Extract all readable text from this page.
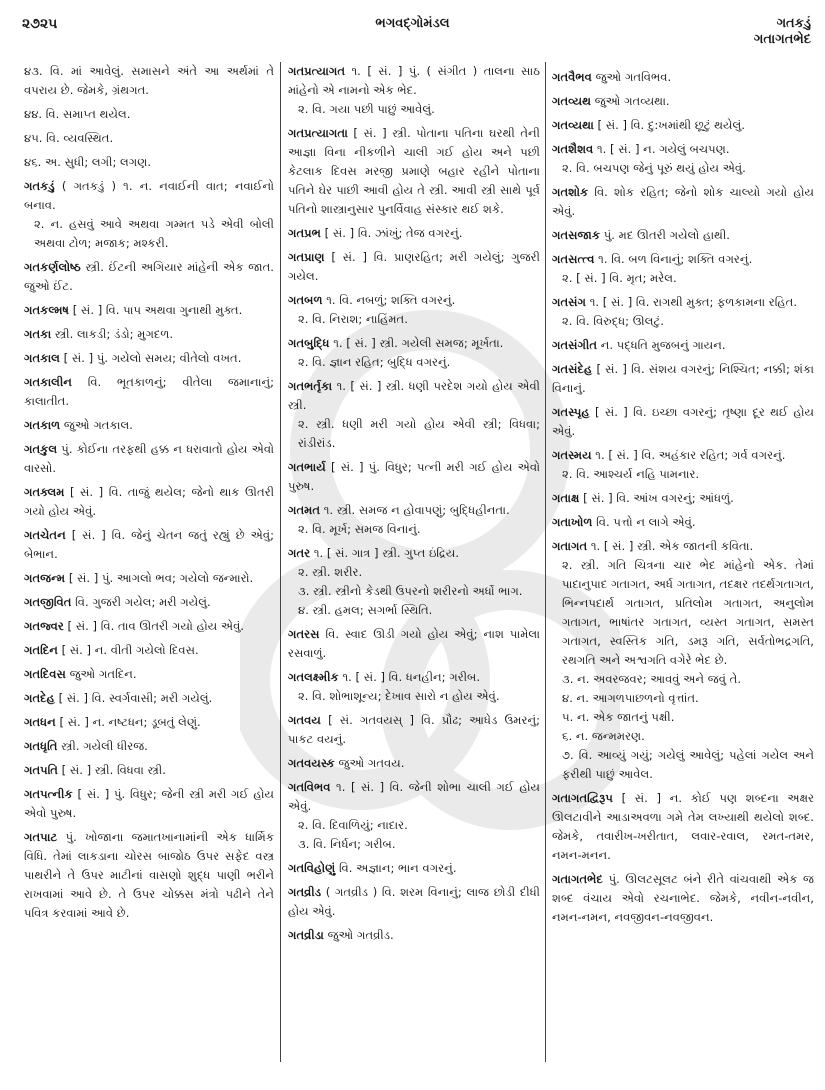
૨૭૨૫	ભગવદ્ગોમંડલ	ગતકડું
ગતાગતભેદ
૪૩. વિ. માં આવેલું. સમાસને અંતે આ અર્થમાં તે વપરાય છે. જેમકે, ગ્રંથગત.
૪૪. વિ. સમાપ્ત થયેલ.
૪૫. વિ. વ્યવસ્થિત.
૪૬. અ. સુધી; લગી; લગણ.
ગતકડું ( ગતકડું ) ૧. ન. નવાઈની વાત; નવાઈનો બનાવ.
૨. ન. હસવું આવે અથવા ગમ્મત પડે એવી બોલી અથવા ટોળ; મજાક; મશ્કરી.
ગતકર્ણલોષ્ઠ સ્ત્રી. ઈંટની અગિયાર માંહેની એક જાત. જુઓ ઈંટ.
ગતકલ્મષ [ સં. ] વિ. પાપ અથવા ગુનાથી મુક્ત.
ગતકા સ્ત્રી. લાકડી; ડંડો; મુગદળ.
ગતકાલ [ સં. ] પું. ગયેલો સમય; વીતેલો વખત.
ગતકાલીન વિ. ભૂતકાળનું; વીતેલા જમાનાનું; કાલાતીત.
ગતકાળ જુઓ ગતકાલ.
ગતકુલ પું. કોઈના તરફથી હક્ક ન ધરાવાતો હોય એવો વારસો.
ગતક્લમ [ સં. ] વિ. તાજું થયેલ; જેનો થાક ઊતરી ગયો હોય એવું.
ગતચેતન [ સં. ] વિ. જેનું ચેતન જતું રહ્યું છે એવું; બેભાન.
ગતજન્મ [ સં. ] પું. આગલો ભવ; ગયેલો જન્મારો.
ગતજીવિત વિ. ગુજરી ગયેલ; મરી ગયેલું.
ગતજ્વર [ સં. ] વિ. તાવ ઊતરી ગયો હોય એવું.
ગતદિન [ સં. ] ન. વીતી ગયેલો દિવસ.
ગતદિવસ જુઓ ગતદિન.
ગતદેહ [ સં. ] વિ. સ્વર્ગવાસી; મરી ગયેલું.
ગતધન [ સં. ] ન. નષ્ટધન; ડૂબતું લેણું.
ગતધૃતિ સ્ત્રી. ગયેલી ધીરજ.
ગતપતિ [ સં. ] સ્ત્રી. વિધવા સ્ત્રી.
ગતપત્નીક [ સં. ] પું. વિધુર; જેની સ્ત્રી મરી ગઈ હોય એવો પુરુષ.
ગતપાટ પું. ખોજાના જમાતખાનામાંની એક ધાર્મિક વિધિ. તેમાં લાકડાના ચોરસ બાજોઠ ઉપર સફેદ વસ્ત્ર પાથરીને તે ઉપર માટીનાં વાસણો શુદ્ધ પાણી ભરીને રાખવામાં આવે છે. તે ઉપર ચોક્કસ મંત્રો પઢીને તેને પવિત્ર કરવામાં આવે છે.
ગતપ્રત્યાગત ૧. [ સં. ] પું. ( સંગીત ) તાલના સાઠ માંહેનો એ નામનો એક ભેદ.
૨. વિ. ગયા પછી પાછું આવેલું.
ગતપ્રત્યાગતા [ સં. ] સ્ત્રી. પોતાના પતિના ઘરથી તેની આજ્ઞા વિના નીકળીને ચાલી ગઈ હોય અને પછી કેટલાક દિવસ મરજી પ્રમાણે બહાર રહીને પોતાના પતિને ઘેર પાછી આવી હોય તે સ્ત્રી. આવી સ્ત્રી સાથે પૂર્વ પતિનો શાસ્ત્રાનુસાર પુનર્વિવાહ સંસ્કાર થઈ શકે.
ગતપ્રભ [ સં. ] વિ. ઝાંખું; તેજ વગરનું.
ગતપ્રાણ [ સં. ] વિ. પ્રાણરહિત; મરી ગયેલું; ગુજરી ગયેલ.
ગતબળ ૧. વિ. નબળું; શક્તિ વગરનું.
૨. વિ. નિરાશ; નાહિંમત.
ગતબુદ્ધિ ૧. [ સં. ] સ્ત્રી. ગયેલી સમજ; મૂર્ખતા.
૨. વિ. જ્ઞાન રહિત; બુદ્ધિ વગરનું.
ગતભર્તૃકા ૧. [ સં. ] સ્ત્રી. ધણી પરદેશ ગયો હોય એવી સ્ત્રી.
૨. સ્ત્રી. ધણી મરી ગયો હોય એવી સ્ત્રી; વિધવા; રાંડીરાંડ.
ગતભાર્ય [ સં. ] પું. વિધુર; પત્ની મરી ગઈ હોય એવો પુરુષ.
ગતમત ૧. સ્ત્રી. સમજ ન હોવાપણું; બુદ્ધિહીનતા.
૨. વિ. મૂર્ખ; સમજ વિનાનું.
ગતર ૧. [ સં. ગાત્ર ] સ્ત્રી. ગુપ્ત ઇંદ્રિય.
૨. સ્ત્રી. શરીર.
૩. સ્ત્રી. સ્ત્રીનો કેડથી ઉપરનો શરીરનો અર્ધો ભાગ.
૪. સ્ત્રી. હમલ; સગર્ભા સ્થિતિ.
ગતરસ વિ. સ્વાદ ઊડી ગયો હોય એવું; નાશ પામેલા રસવાળું.
ગતલક્ષ્મીક ૧. [ સં. ] વિ. ધનહીન; ગરીબ.
૨. વિ. શોભાશૂન્ય; દેખાવ સારો ન હોય એવું.
ગતવય [ સં. ગતવયસ્ ] વિ. પ્રૌઢ; આધેડ ઉમરનું; પાકટ વયનું.
ગતવયસ્ક જુઓ ગતવય.
ગતવિભવ ૧. [ સં. ] વિ. જેની શોભા ચાલી ગઈ હોય એવું.
૨. વિ. દિવાળિયું; નાદાર.
૩. વિ. નિર્ધન; ગરીબ.
ગતવિહોણું વિ. અજ્ઞાન; ભાન વગરનું.
ગતવ્રીડ ( ગતવ્રીડ ) વિ. શરમ વિનાનું; લાજ છોડી દીધી હોય એવું.
ગતવ્રીડા જુઓ ગતવ્રીડ.
ગતવૈભવ જુઓ ગતવિભવ.
ગતવ્યથ જુઓ ગતવ્યથા.
ગતવ્યથા [ સં. ] વિ. દુ:ખમાંથી છૂટું થયેલું.
ગતશૈશવ ૧. [ સં. ] ન. ગયેલું બચપણ.
૨. વિ. બચપણ જેનું પૂરું થયું હોય એવું.
ગતશોક વિ. શોક રહિત; જેનો શોક ચાલ્યો ગયો હોય એવું.
ગતસજાક પું. મદ ઊતરી ગયેલો હાથી.
ગતસત્ત્વ ૧. વિ. બળ વિનાનું; શક્તિ વગરનું.
૨. [ સં. ] વિ. મૃત; મરેલ.
ગતસંગ ૧. [ સં. ] વિ. રાગથી મુક્ત; ફળકામના રહિત.
૨. વિ. વિરુદ્ધ; ઊલટું.
ગતસંગીત ન. પદ્ધતિ મુજબનું ગાયન.
ગતસંદેહ [ સં. ] વિ. સંશય વગરનું; નિશ્ચિત; નક્કી; શંકા વિનાનું.
ગતસ્પૃહ [ સં. ] વિ. ઇચ્છા વગરનું; તૃષ્ણા દૂર થઈ હોય એવું.
ગતસ્મય ૧. [ સં. ] વિ. અહંકાર રહિત; ગર્વ વગરનું.
૨. વિ. આશ્ચર્ય નહિ પામનાર.
ગતાક્ષ [ સં. ] વિ. આંખ વગરનું; આંધળું.
ગતાખોળ વિ. પત્તો ન લાગે એવું.
ગતાગત ૧. [ સં. ] સ્ત્રી. એક જાતની કવિતા.
૨. સ્ત્રી. ગતિ ચિત્રના ચાર ભેદ માંહેનો એક. તેમાં પાદાનુપાદ ગતાગત, અર્ધ ગતાગત, તદક્ષર તદર્થગતાગત, ભિન્નપદાર્થ ગતાગત, પ્રતિલોમ ગતાગત, અનુલોમ ગતાગત, ભાષાંતર ગતાગત, વ્યસ્ત ગતાગત, સમસ્ત ગતાગત, સ્વસ્તિક ગતિ, ડમરૂ ગતિ, સર્વતોભદ્રગતિ, રથગતિ અને અશ્વગતિ વગેરે ભેદ છે.
૩. ન. અવરજવર; આવવું અને જવું તે.
૪. ન. આગળપાછળનો વૃત્તાંત.
૫. ન. એક જાતનું પક્ષી.
૬. ન. જન્મમરણ.
૭. વિ. આવ્યું ગયું; ગયેલું આવેલું; પહેલાં ગયેલ અને ફરીથી પાછું આવેલ.
ગતાગતદ્વિરૂપ [ સં. ] ન. કોઈ પણ શબ્દના અક્ષર ઊલટાવીને આડાઅવળા ગમે તેમ લખ્યાથી થયેલો શબ્દ. જેમકે, તવારીખ-ખરીતાત, લવાર-રવાલ, રમત-તમર, નમન-મનન.
ગતાગતભેદ પું. ઊલટસૂલટ બંને રીતે વાંચવાથી એક જ શબ્દ વંચાય એવો રચનાભેદ. જેમકે, નવીન-નવીન, નમન-નમન, નવજીવન-નવજીવન.
